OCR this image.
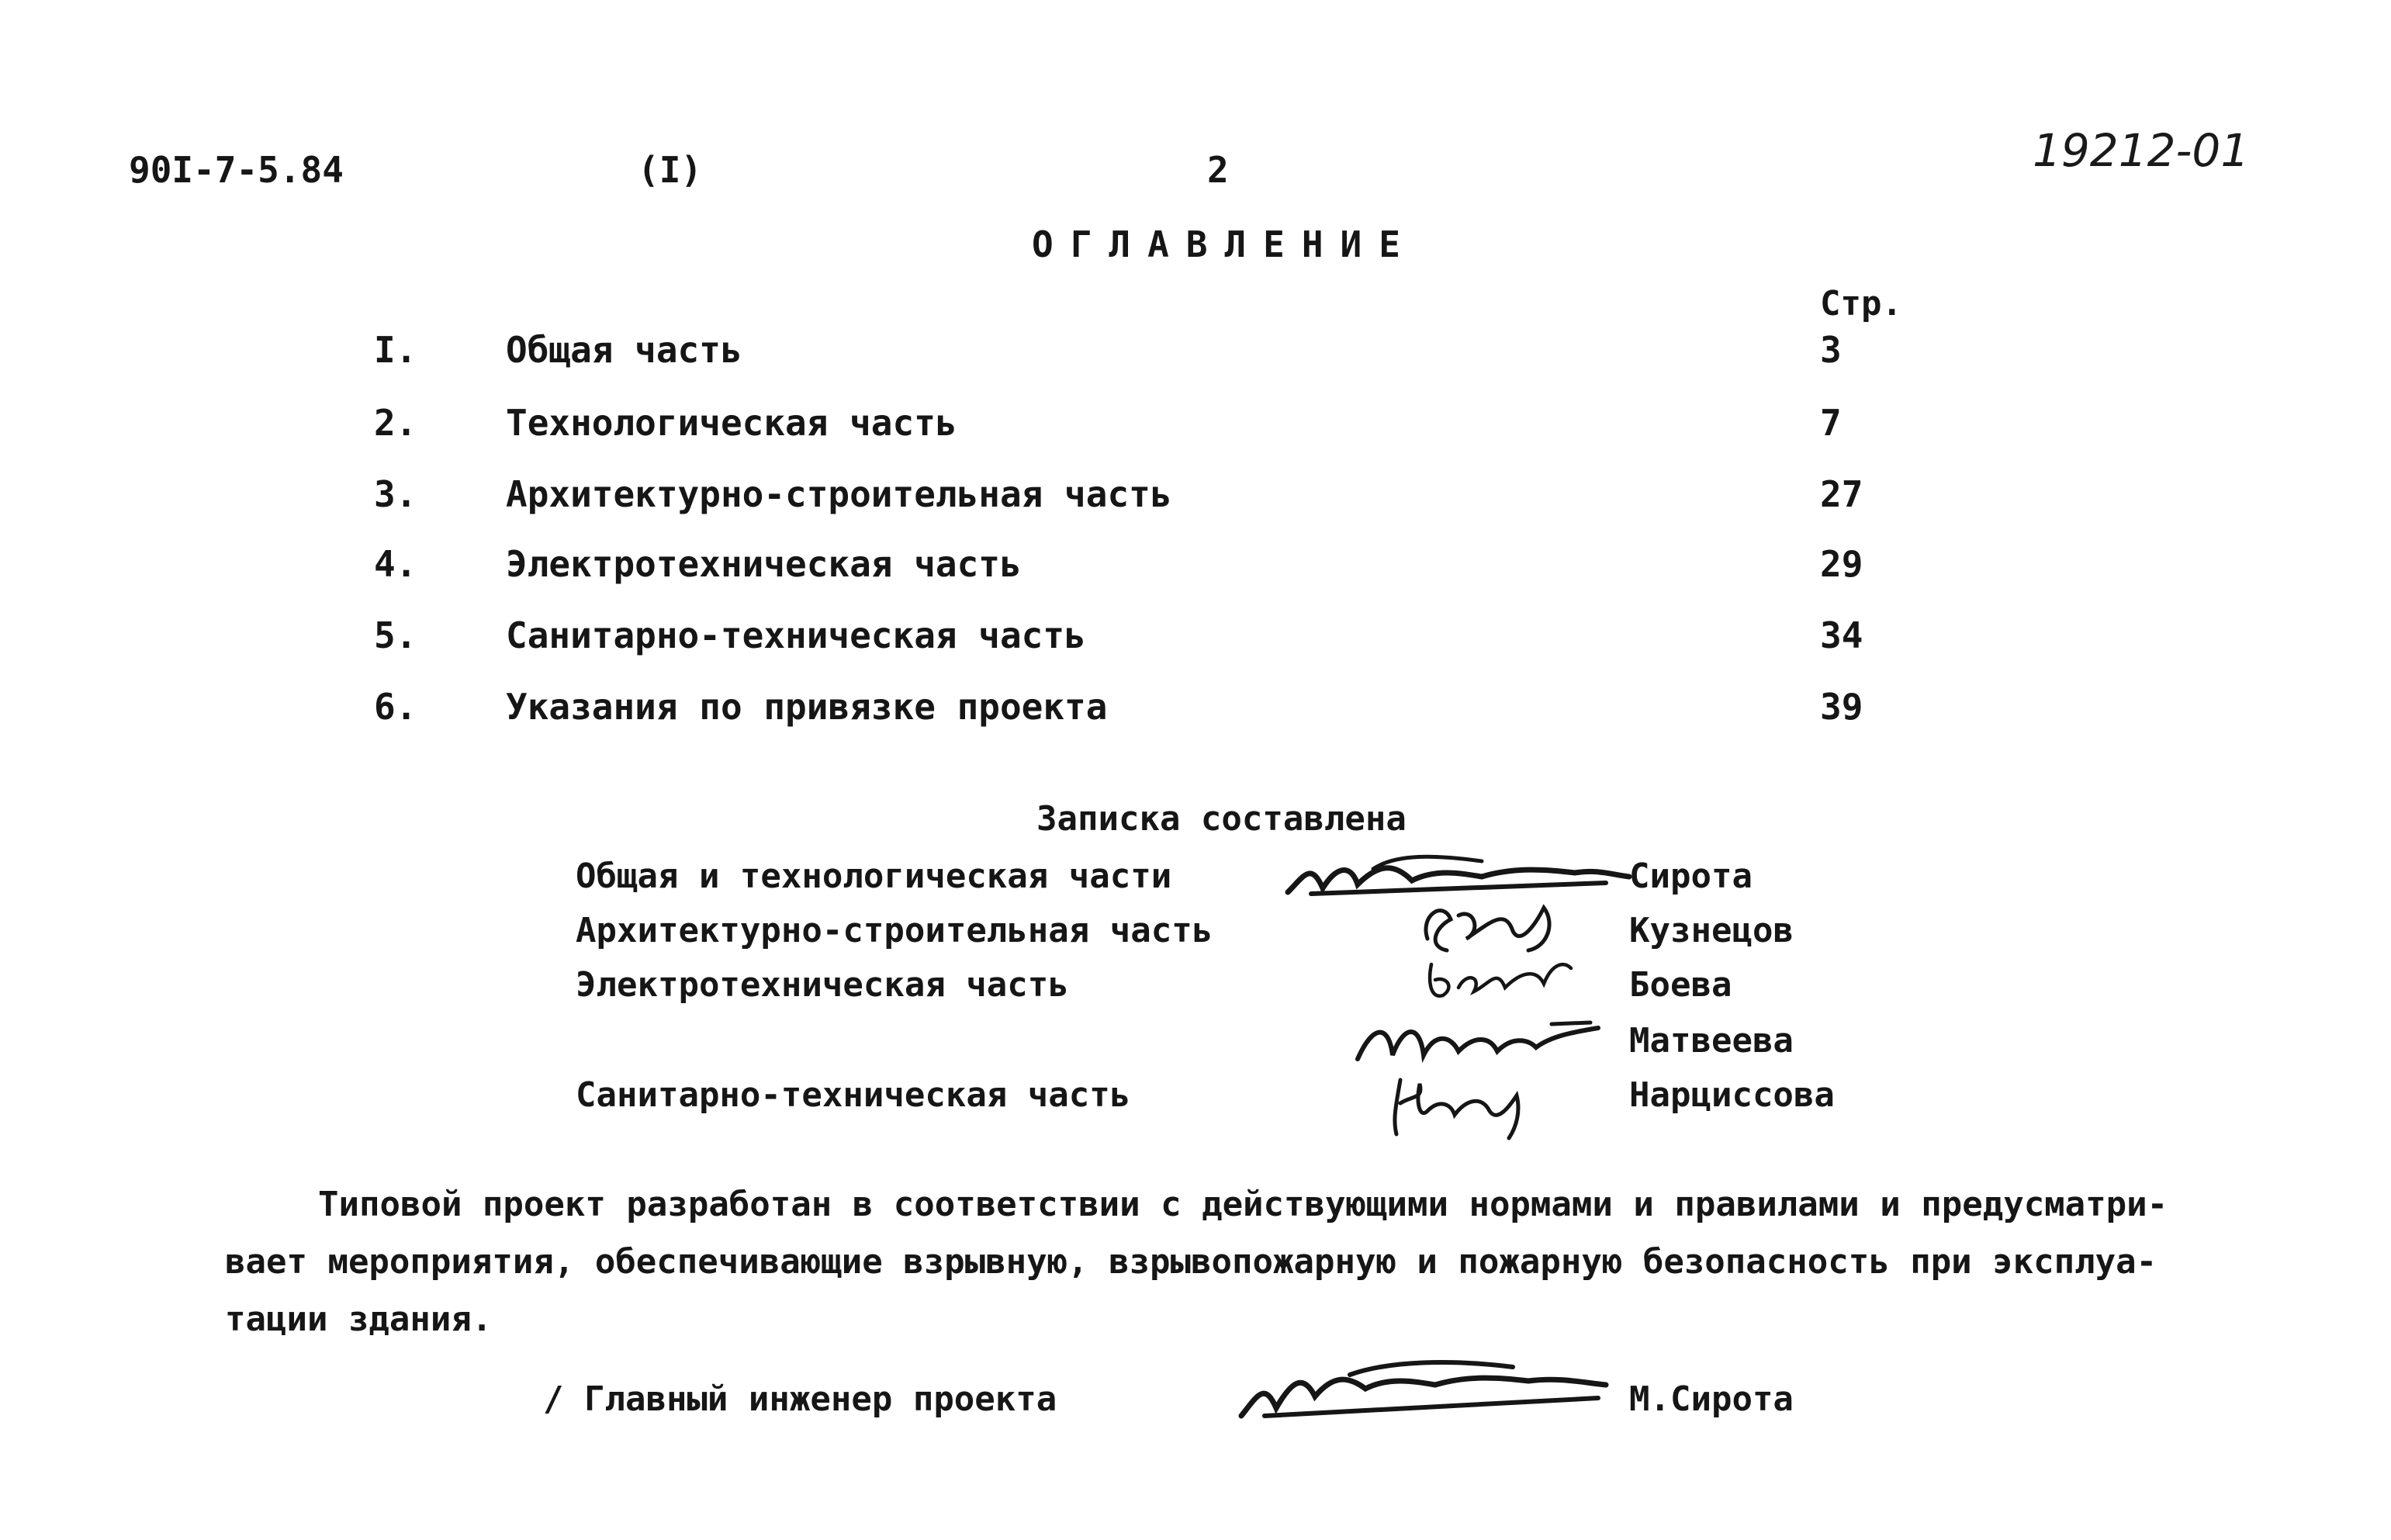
90I-7-5.84	(I)	2	19212-01
ОГЛАВЛЕНИЕ
Стр.
I. Общая часть	3
2. Технологическая часть	7
3. Архитектурно-строительная часть	27
4. Электротехническая часть	29
5. Санитарно-техническая часть	34
6. Указания по привязке проекта	39
Записка составлена
Общая и технологическая части	Сирота
Архитектурно-строительная часть	Кузнецов
Электротехническая часть	Боева
Матвеева
Санитарно-техническая часть	Нарциссова
Типовой проект разработан в соответствии с действующими нормами и правилами и предусматри-
вает мероприятия, обеспечивающие взрывную, взрывопожарную и пожарную безопасность при эксплуа-
тации здания.
/ Главный инженер проекта	М.Сирота
